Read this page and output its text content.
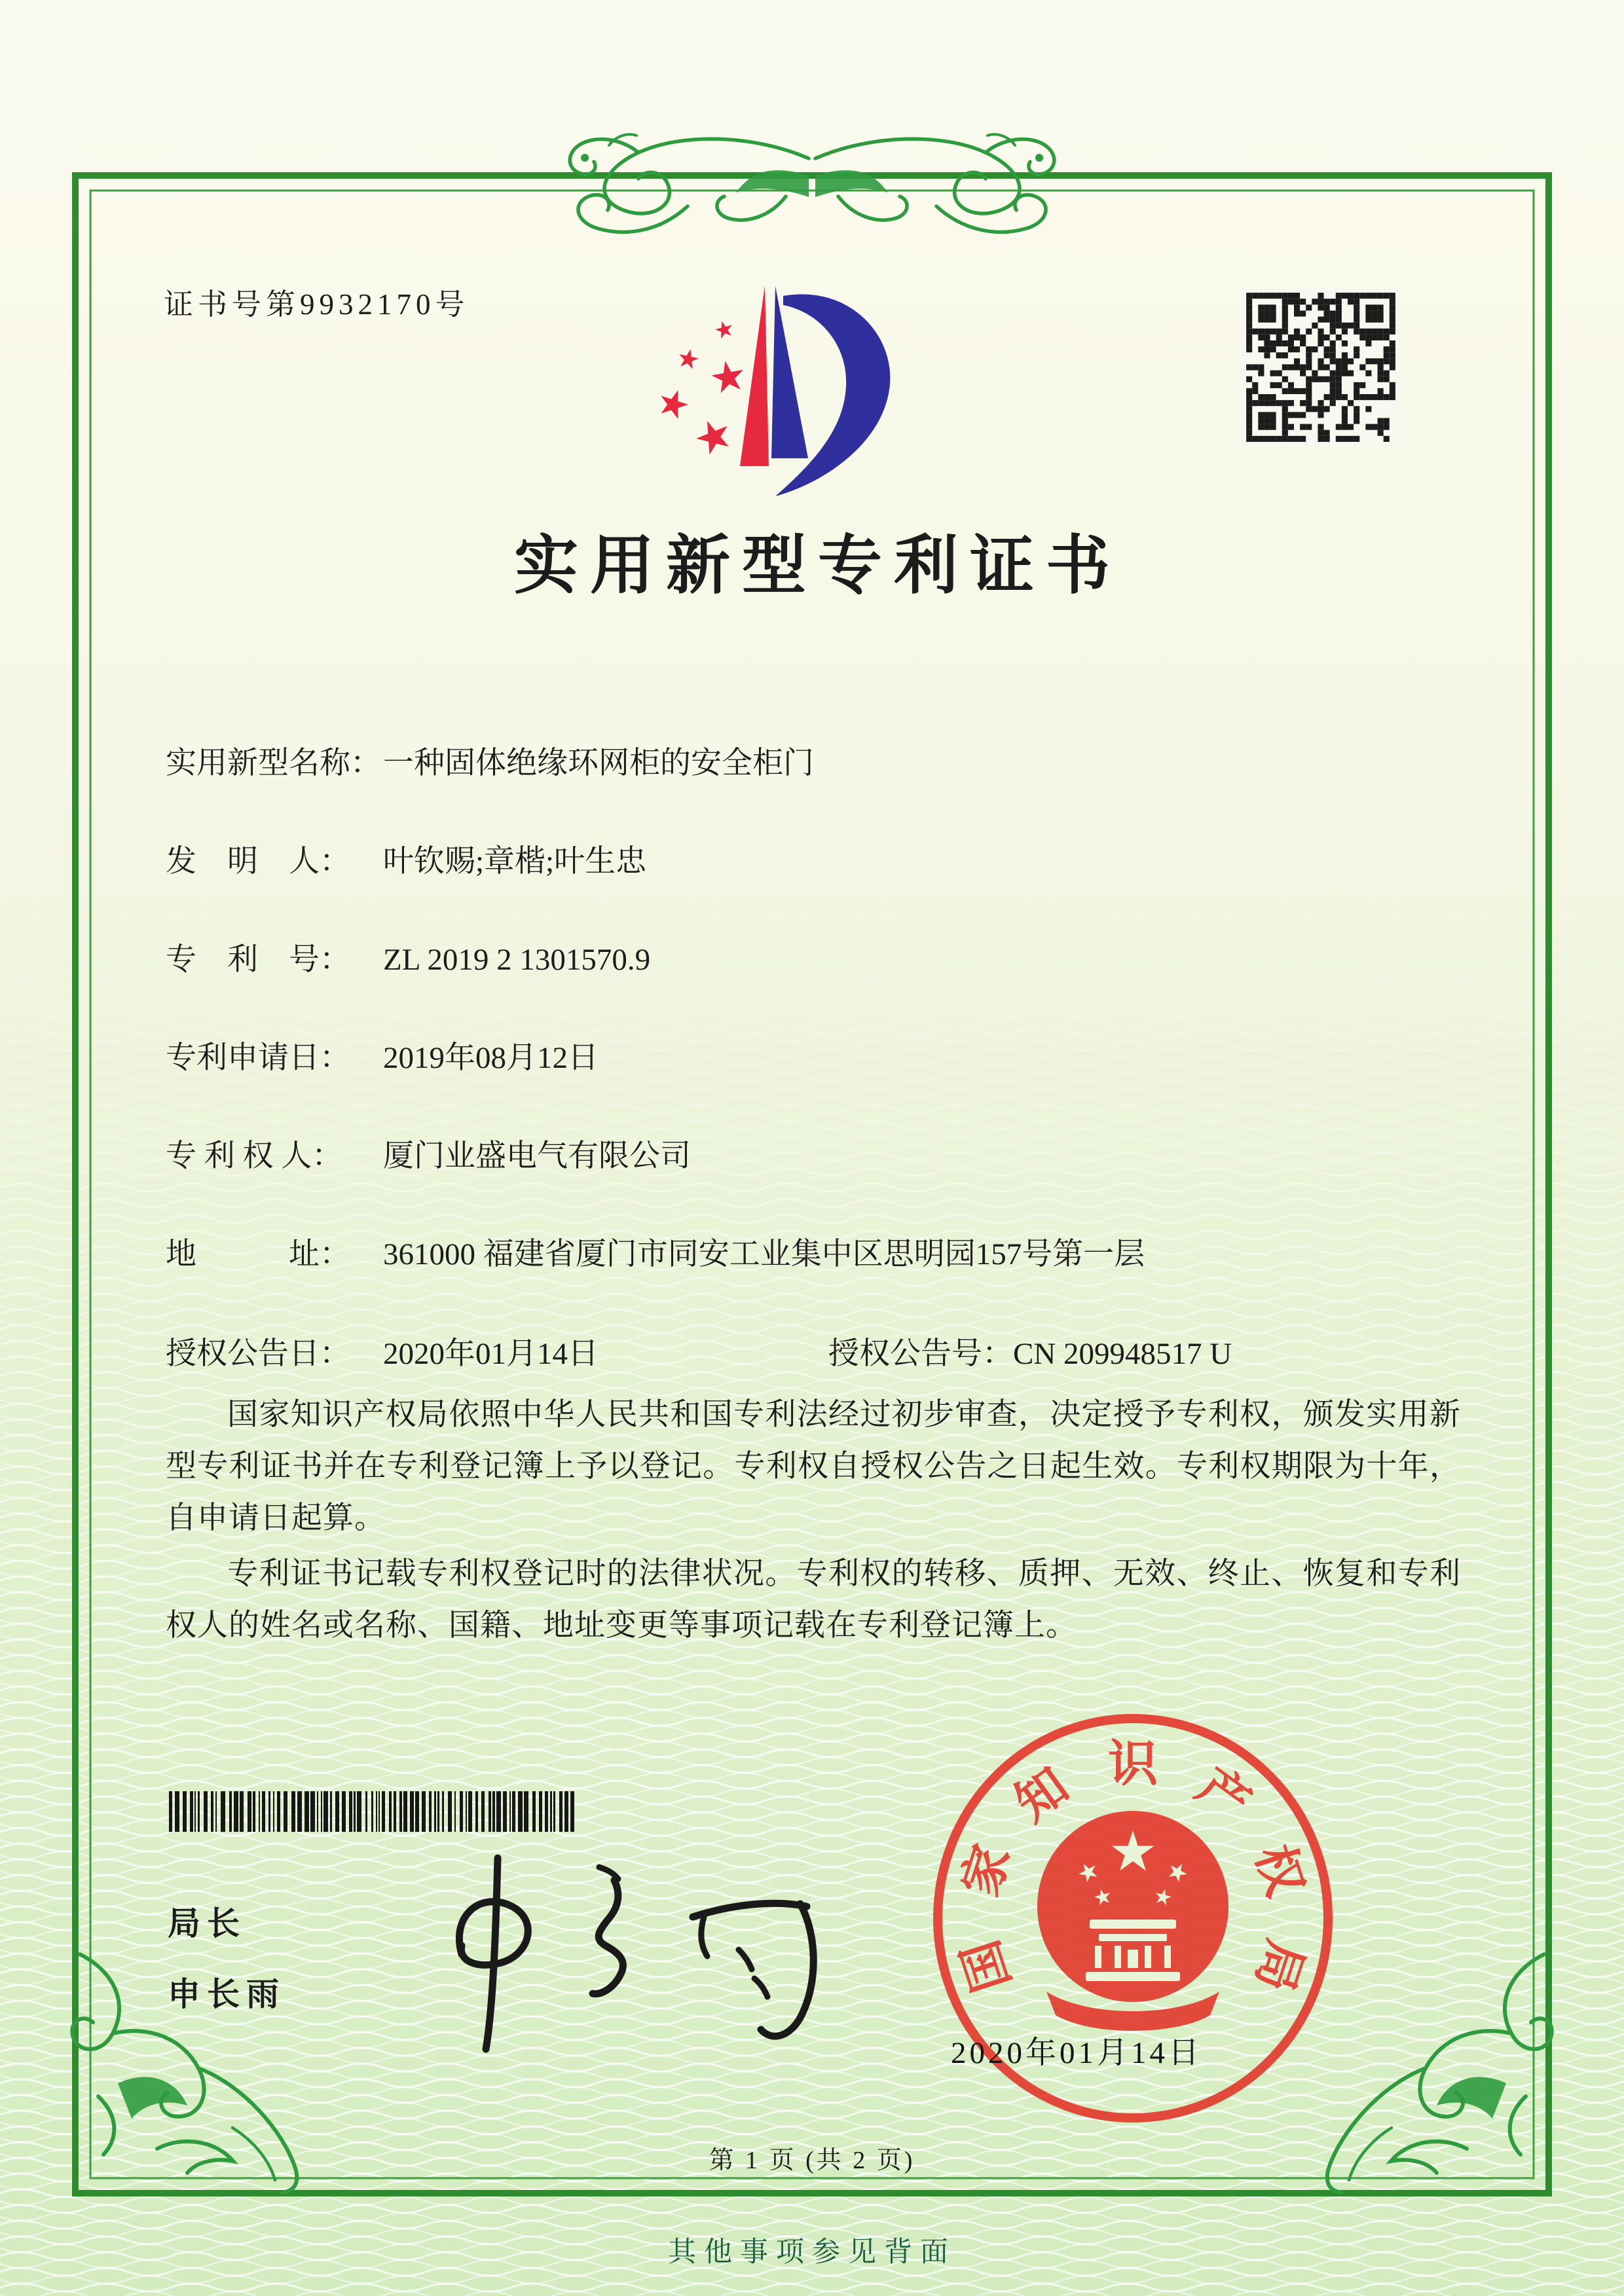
国
家
知 识 产
权
局
证书号第9932170号
实用新型专利证书
实用新型名称：一种固体绝缘环网柜的安全柜门
发　明　人： 叶钦赐;章楷;叶生忠
专　利　号： ZL 2019 2 1301570.9
专利申请日： 2019年08月12日
专 利 权 人： 厦门业盛电气有限公司
地　　　址： 361000 福建省厦门市同安工业集中区思明园157号第一层
授权公告日： 2020年01月14日	授权公告号：CN 209948517 U

国家知识产权局依照中华人民共和国专利法经过初步审查，决定授予专利权，颁发实用新型专利证书并在专利登记簿上予以登记。专利权自授权公告之日起生效。专利权期限为十年，自申请日起算。

专利证书记载专利权登记时的法律状况。专利权的转移、质押、无效、终止、恢复和专利权人的姓名或名称、国籍、地址变更等事项记载在专利登记簿上。

局长
申长雨
2020年01月14日
第 1 页 (共 2 页)
其他事项参见背面
